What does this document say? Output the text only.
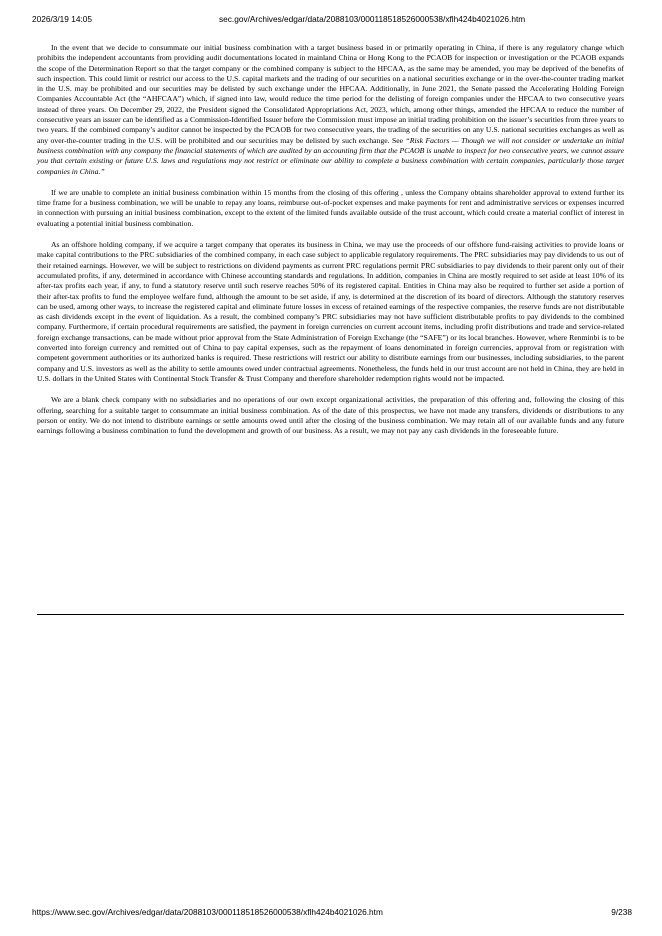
2026/3/19 14:05	sec.gov/Archives/edgar/data/2088103/000118518526000538/xflh424b4021026.htm

In the event that we decide to consummate our initial business combination with a target business based in or primarily operating in China, if there is any regulatory change which prohibits the independent accountants from providing audit documentations located in mainland China or Hong Kong to the PCAOB for inspection or investigation or the PCAOB expands the scope of the Determination Report so that the target company or the combined company is subject to the HFCAA, as the same may be amended, you may be deprived of the benefits of such inspection. This could limit or restrict our access to the U.S. capital markets and the trading of our securities on a national securities exchange or in the over-the-counter trading market in the U.S. may be prohibited and our securities may be delisted by such exchange under the HFCAA. Additionally, in June 2021, the Senate passed the Accelerating Holding Foreign Companies Accountable Act (the “AHFCAA”) which, if signed into law, would reduce the time period for the delisting of foreign companies under the HFCAA to two consecutive years instead of three years. On December 29, 2022, the President signed the Consolidated Appropriations Act, 2023, which, among other things, amended the HFCAA to reduce the number of consecutive years an issuer can be identified as a Commission-Identified Issuer before the Commission must impose an initial trading prohibition on the issuer’s securities from three years to two years. If the combined company’s auditor cannot be inspected by the PCAOB for two consecutive years, the trading of the securities on any U.S. national securities exchanges as well as any over-the-counter trading in the U.S. will be prohibited and our securities may be delisted by such exchange. See “Risk Factors — Though we will not consider or undertake an initial business combination with any company the financial statements of which are audited by an accounting firm that the PCAOB is unable to inspect for two consecutive years, we cannot assure you that certain existing or future U.S. laws and regulations may not restrict or eliminate our ability to complete a business combination with certain companies, particularly those target companies in China.”

If we are unable to complete an initial business combination within 15 months from the closing of this offering , unless the Company obtains shareholder approval to extend further its time frame for a business combination, we will be unable to repay any loans, reimburse out-of-pocket expenses and make payments for rent and administrative services or expenses incurred in connection with pursuing an initial business combination, except to the extent of the limited funds available outside of the trust account, which could create a material conflict of interest in evaluating a potential initial business combination.

As an offshore holding company, if we acquire a target company that operates its business in China, we may use the proceeds of our offshore fund-raising activities to provide loans or make capital contributions to the PRC subsidiaries of the combined company, in each case subject to applicable regulatory requirements. The PRC subsidiaries may pay dividends to us out of their retained earnings. However, we will be subject to restrictions on dividend payments as current PRC regulations permit PRC subsidiaries to pay dividends to their parent only out of their accumulated profits, if any, determined in accordance with Chinese accounting standards and regulations. In addition, companies in China are mostly required to set aside at least 10% of its after-tax profits each year, if any, to fund a statutory reserve until such reserve reaches 50% of its registered capital. Entities in China may also be required to further set aside a portion of their after-tax profits to fund the employee welfare fund, although the amount to be set aside, if any, is determined at the discretion of its board of directors. Although the statutory reserves can be used, among other ways, to increase the registered capital and eliminate future losses in excess of retained earnings of the respective companies, the reserve funds are not distributable as cash dividends except in the event of liquidation. As a result, the combined company’s PRC subsidiaries may not have sufficient distributable profits to pay dividends to the combined company. Furthermore, if certain procedural requirements are satisfied, the payment in foreign currencies on current account items, including profit distributions and trade and service-related foreign exchange transactions, can be made without prior approval from the State Administration of Foreign Exchange (the “SAFE”) or its local branches. However, where Renminbi is to be converted into foreign currency and remitted out of China to pay capital expenses, such as the repayment of loans denominated in foreign currencies, approval from or registration with competent government authorities or its authorized banks is required. These restrictions will restrict our ability to distribute earnings from our businesses, including subsidiaries, to the parent company and U.S. investors as well as the ability to settle amounts owed under contractual agreements. Nonetheless, the funds held in our trust account are not held in China, they are held in U.S. dollars in the United States with Continental Stock Transfer & Trust Company and therefore shareholder redemption rights would not be impacted.

We are a blank check company with no subsidiaries and no operations of our own except organizational activities, the preparation of this offering and, following the closing of this offering, searching for a suitable target to consummate an initial business combination. As of the date of this prospectus, we have not made any transfers, dividends or distributions to any person or entity. We do not intend to distribute earnings or settle amounts owed until after the closing of the business combination. We may retain all of our available funds and any future earnings following a business combination to fund the development and growth of our business. As a result, we may not pay any cash dividends in the foreseeable future.

https://www.sec.gov/Archives/edgar/data/2088103/000118518526000538/xflh424b4021026.htm	9/238
